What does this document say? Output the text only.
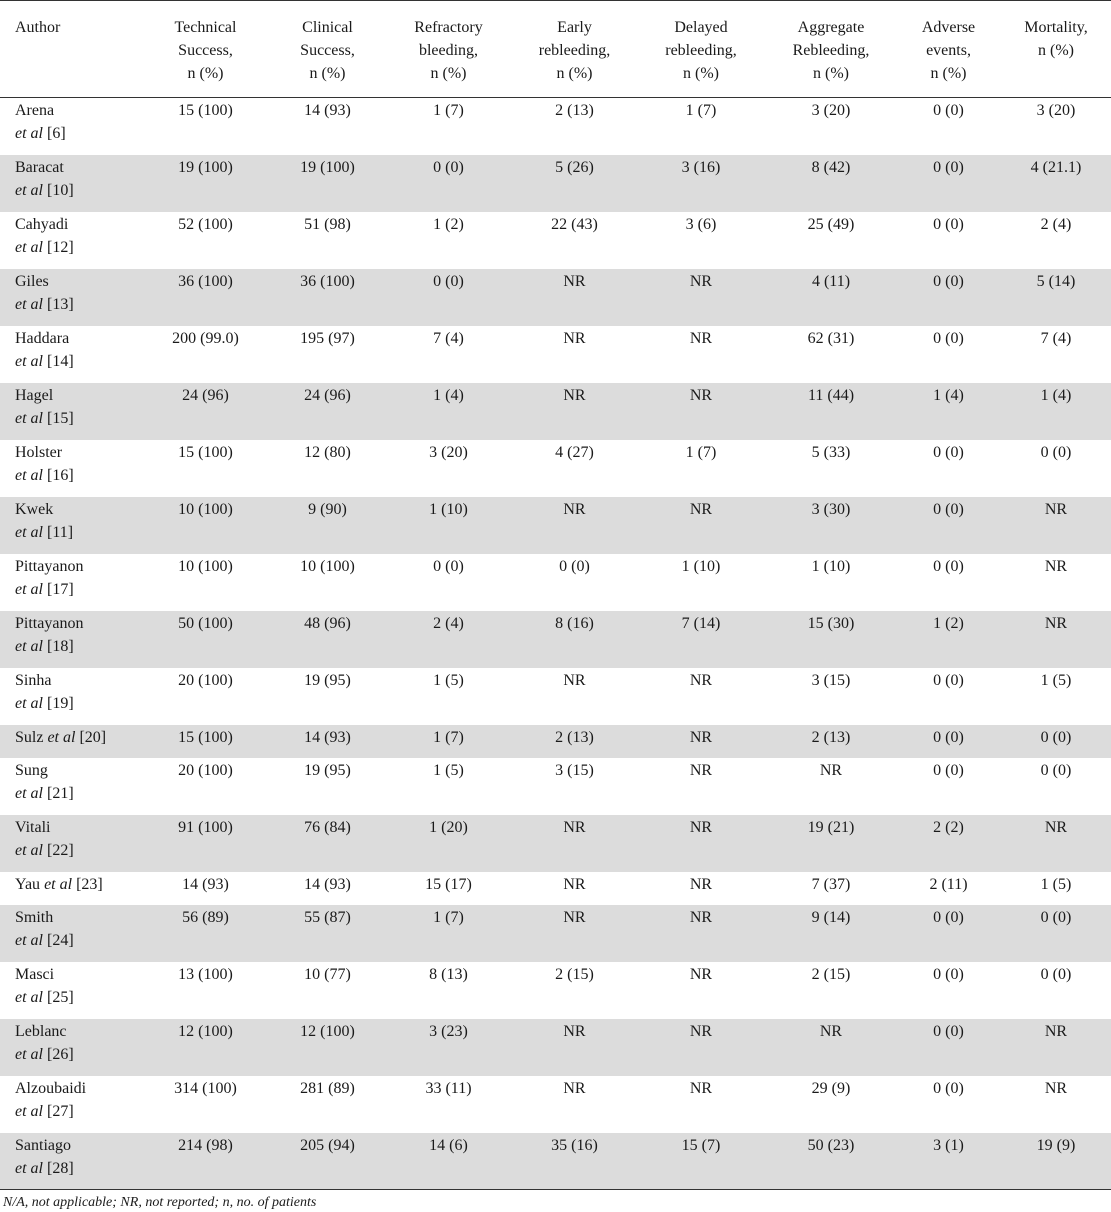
Author	Technical
Success,
n (%)	Clinical
Success,
n (%)	Refractory
bleeding,
n (%)	Early
rebleeding,
n (%)	Delayed
rebleeding,
n (%)	Aggregate
Rebleeding,
n (%)	Adverse
events,
n (%)	Mortality,
n (%)

Arena
et al [6]	15 (100)	14 (93)	1 (7)	2 (13)	1 (7)	3 (20)	0 (0)	3 (20)
Baracat
et al [10]	19 (100)	19 (100)	0 (0)	5 (26)	3 (16)	8 (42)	0 (0)	4 (21.1)
Cahyadi
et al [12]	52 (100)	51 (98)	1 (2)	22 (43)	3 (6)	25 (49)	0 (0)	2 (4)
Giles
et al [13]	36 (100)	36 (100)	0 (0)	NR	NR	4 (11)	0 (0)	5 (14)
Haddara
et al [14]	200 (99.0)	195 (97)	7 (4)	NR	NR	62 (31)	0 (0)	7 (4)
Hagel
et al [15]	24 (96)	24 (96)	1 (4)	NR	NR	11 (44)	1 (4)	1 (4)
Holster
et al [16]	15 (100)	12 (80)	3 (20)	4 (27)	1 (7)	5 (33)	0 (0)	0 (0)
Kwek
et al [11]	10 (100)	9 (90)	1 (10)	NR	NR	3 (30)	0 (0)	NR
Pittayanon
et al [17]	10 (100)	10 (100)	0 (0)	0 (0)	1 (10)	1 (10)	0 (0)	NR
Pittayanon
et al [18]	50 (100)	48 (96)	2 (4)	8 (16)	7 (14)	15 (30)	1 (2)	NR
Sinha
et al [19]	20 (100)	19 (95)	1 (5)	NR	NR	3 (15)	0 (0)	1 (5)
Sulz et al [20]	15 (100)	14 (93)	1 (7)	2 (13)	NR	2 (13)	0 (0)	0 (0)
Sung
et al [21]	20 (100)	19 (95)	1 (5)	3 (15)	NR	NR	0 (0)	0 (0)
Vitali
et al [22]	91 (100)	76 (84)	1 (20)	NR	NR	19 (21)	2 (2)	NR
Yau et al [23]	14 (93)	14 (93)	15 (17)	NR	NR	7 (37)	2 (11)	1 (5)
Smith
et al [24]	56 (89)	55 (87)	1 (7)	NR	NR	9 (14)	0 (0)	0 (0)
Masci
et al [25]	13 (100)	10 (77)	8 (13)	2 (15)	NR	2 (15)	0 (0)	0 (0)
Leblanc
et al [26]	12 (100)	12 (100)	3 (23)	NR	NR	NR	0 (0)	NR
Alzoubaidi
et al [27]	314 (100)	281 (89)	33 (11)	NR	NR	29 (9)	0 (0)	NR
Santiago
et al [28]	214 (98)	205 (94)	14 (6)	35 (16)	15 (7)	50 (23)	3 (1)	19 (9)
N/A, not applicable; NR, not reported; n, no. of patients
